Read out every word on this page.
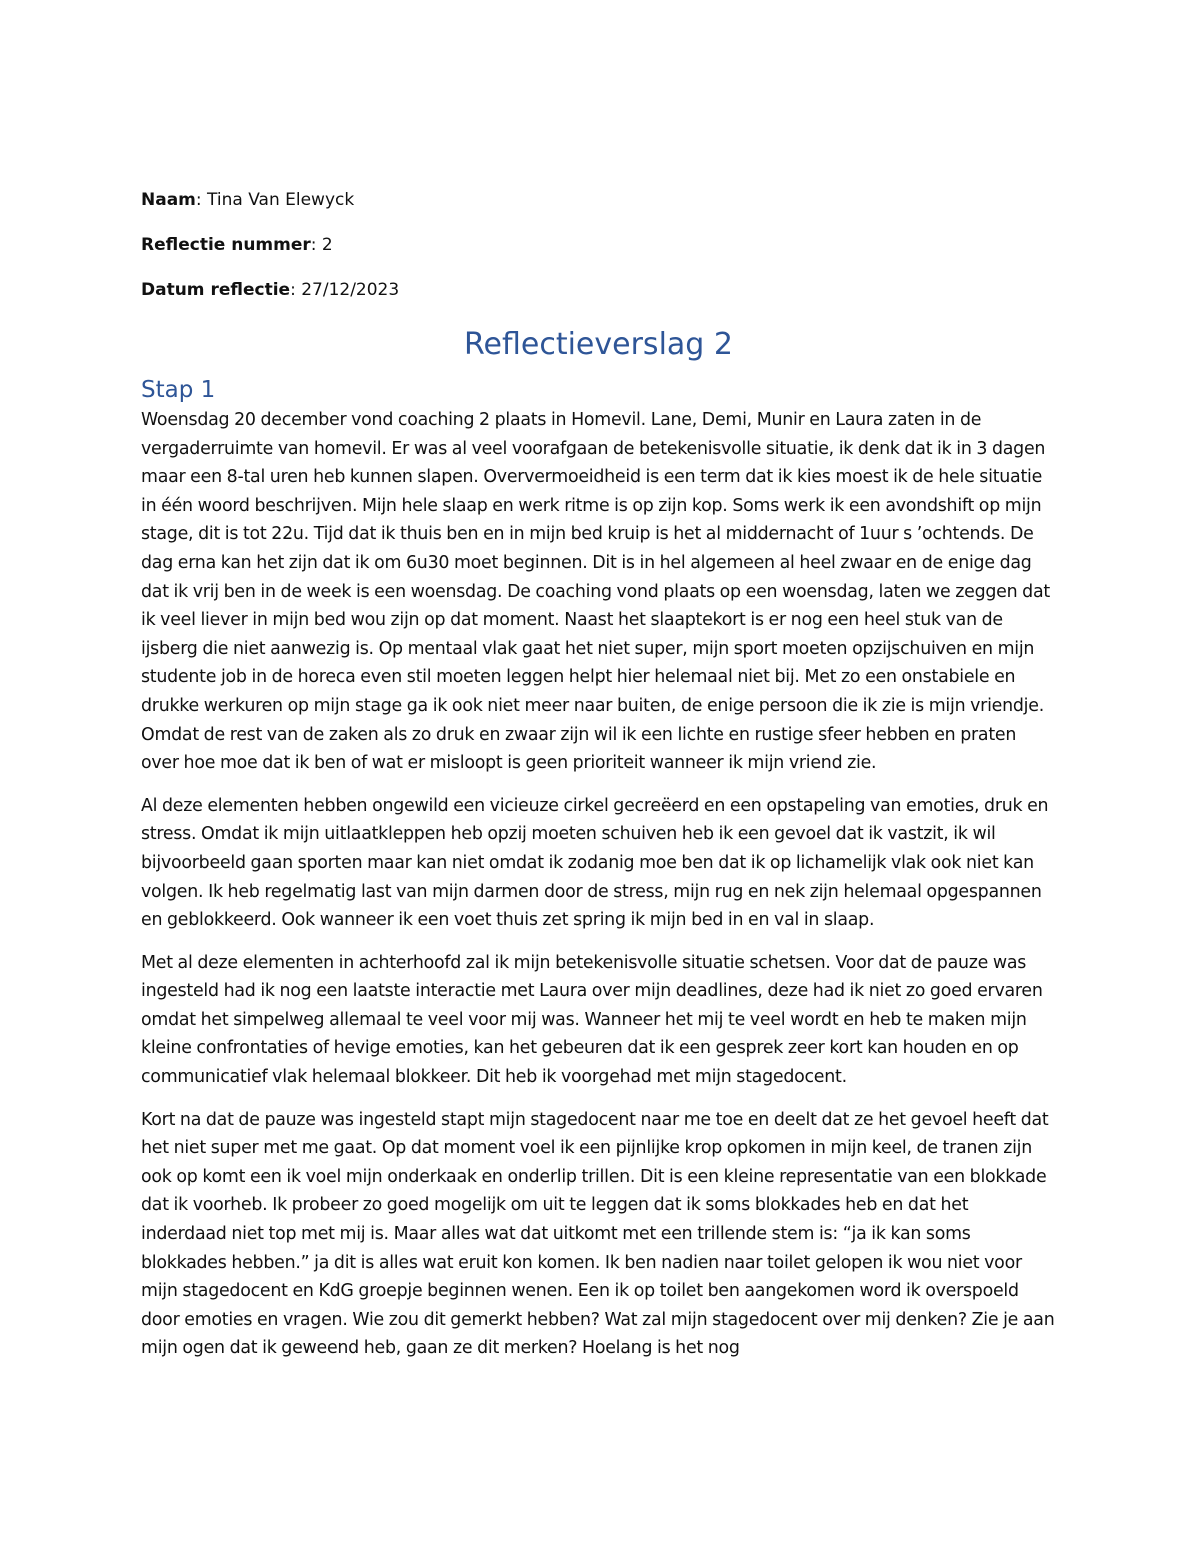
Naam: Tina Van Elewyck

Reflectie nummer: 2

Datum reflectie: 27/12/2023

Reflectieverslag 2
Stap 1

Woensdag 20 december vond coaching 2 plaats in Homevil. Lane, Demi, Munir en Laura zaten in de vergaderruimte van homevil. Er was al veel voorafgaan de betekenisvolle situatie, ik denk dat ik in 3 dagen maar een 8-tal uren heb kunnen slapen. Oververmoeidheid is een term dat ik kies moest ik de hele situatie in één woord beschrijven. Mijn hele slaap en werk ritme is op zijn kop. Soms werk ik een avondshift op mijn stage, dit is tot 22u. Tijd dat ik thuis ben en in mijn bed kruip is het al middernacht of 1uur s ’ochtends. De dag erna kan het zijn dat ik om 6u30 moet beginnen. Dit is in hel algemeen al heel zwaar en de enige dag dat ik vrij ben in de week is een woensdag. De coaching vond plaats op een woensdag, laten we zeggen dat ik veel liever in mijn bed wou zijn op dat moment. Naast het slaaptekort is er nog een heel stuk van de ijsberg die niet aanwezig is. Op mentaal vlak gaat het niet super, mijn sport moeten opzijschuiven en mijn studente job in de horeca even stil moeten leggen helpt hier helemaal niet bij. Met zo een onstabiele en drukke werkuren op mijn stage ga ik ook niet meer naar buiten, de enige persoon die ik zie is mijn vriendje. Omdat de rest van de zaken als zo druk en zwaar zijn wil ik een lichte en rustige sfeer hebben en praten over hoe moe dat ik ben of wat er misloopt is geen prioriteit wanneer ik mijn vriend zie.

Al deze elementen hebben ongewild een vicieuze cirkel gecreëerd en een opstapeling van emoties, druk en stress. Omdat ik mijn uitlaatkleppen heb opzij moeten schuiven heb ik een gevoel dat ik vastzit, ik wil bijvoorbeeld gaan sporten maar kan niet omdat ik zodanig moe ben dat ik op lichamelijk vlak ook niet kan volgen. Ik heb regelmatig last van mijn darmen door de stress, mijn rug en nek zijn helemaal opgespannen en geblokkeerd. Ook wanneer ik een voet thuis zet spring ik mijn bed in en val in slaap.

Met al deze elementen in achterhoofd zal ik mijn betekenisvolle situatie schetsen. Voor dat de pauze was ingesteld had ik nog een laatste interactie met Laura over mijn deadlines, deze had ik niet zo goed ervaren omdat het simpelweg allemaal te veel voor mij was. Wanneer het mij te veel wordt en heb te maken mijn kleine confrontaties of hevige emoties, kan het gebeuren dat ik een gesprek zeer kort kan houden en op communicatief vlak helemaal blokkeer. Dit heb ik voorgehad met mijn stagedocent.

Kort na dat de pauze was ingesteld stapt mijn stagedocent naar me toe en deelt dat ze het gevoel heeft dat het niet super met me gaat. Op dat moment voel ik een pijnlijke krop opkomen in mijn keel, de tranen zijn ook op komt een ik voel mijn onderkaak en onderlip trillen. Dit is een kleine representatie van een blokkade dat ik voorheb. Ik probeer zo goed mogelijk om uit te leggen dat ik soms blokkades heb en dat het inderdaad niet top met mij is. Maar alles wat dat uitkomt met een trillende stem is: “ja ik kan soms blokkades hebben.” ja dit is alles wat eruit kon komen. Ik ben nadien naar toilet gelopen ik wou niet voor mijn stagedocent en KdG groepje beginnen wenen. Een ik op toilet ben aangekomen word ik overspoeld door emoties en vragen. Wie zou dit gemerkt hebben? Wat zal mijn stagedocent over mij denken? Zie je aan mijn ogen dat ik geweend heb, gaan ze dit merken? Hoelang is het nog
